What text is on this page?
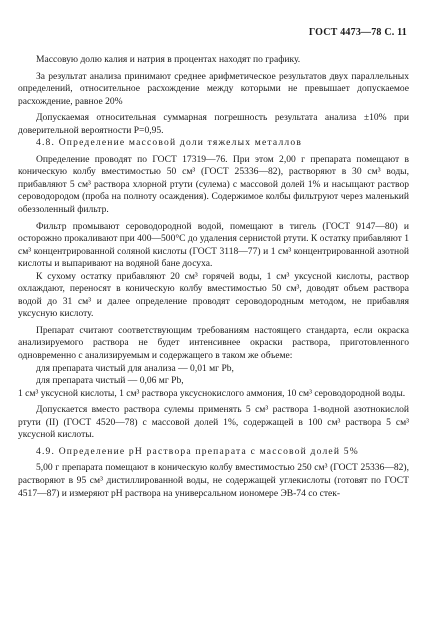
ГОСТ 4473—78 С. 11

Массовую долю калия и натрия в процентах находят по графику.

За результат анализа принимают среднее арифметическое результатов двух параллельных определений, относительное расхождение между которыми не превышает допускаемое расхождение, равное 20%

Допускаемая относительная суммарная погрешность результата анализа ±10% при доверительной вероятности P=0,95.

4.8. Определение массовой доли тяжелых металлов

Определение проводят по ГОСТ 17319—76. При этом 2,00 г препарата помещают в коническую колбу вместимостью 50 см³ (ГОСТ 25336—82), растворяют в 30 см³ воды, прибавляют 5 см³ раствора хлорной ртути (сулема) с массовой долей 1% и насыщают раствор сероводородом (проба на полноту осаждения). Содержимое колбы фильтруют через маленький обеззоленный фильтр.

Фильтр промывают сероводородной водой, помещают в тигель (ГОСТ 9147—80) и осторожно прокаливают при 400—500°С до удаления сернистой ртути. К остатку прибавляют 1 см³ концентрированной соляной кислоты (ГОСТ 3118—77) и 1 см³ концентрированной азотной кислоты и выпаривают на водяной бане досуха.

К сухому остатку прибавляют 20 см³ горячей воды, 1 см³ уксусной кислоты, раствор охлаждают, переносят в коническую колбу вместимостью 50 см³, доводят объем раствора водой до 31 см³ и далее определение проводят сероводородным методом, не прибавляя уксусную кислоту.

Препарат считают соответствующим требованиям настоящего стандарта, если окраска анализируемого раствора не будет интенсивнее окраски раствора, приготовленного одновременно с анализируемым и содержащего в таком же объеме:

для препарата чистый для анализа — 0,01 мг Pb,

для препарата чистый — 0,06 мг Pb,

1 см³ уксусной кислоты, 1 см³ раствора уксуснокислого аммония, 10 см³ сероводородной воды.

Допускается вместо раствора сулемы применять 5 см³ раствора 1-водной азотнокислой ртути (II) (ГОСТ 4520—78) с массовой долей 1%, содержащей в 100 см³ раствора 5 см³ уксусной кислоты.

4.9. Определение pH раствора препарата с массовой долей 5%

5,00 г препарата помещают в коническую колбу вместимостью 250 см³ (ГОСТ 25336—82), растворяют в 95 см³ дистиллированной воды, не содержащей углекислоты (готовят по ГОСТ 4517—87) и измеряют pH раствора на универсальном иономере ЭВ-74 со стек-
